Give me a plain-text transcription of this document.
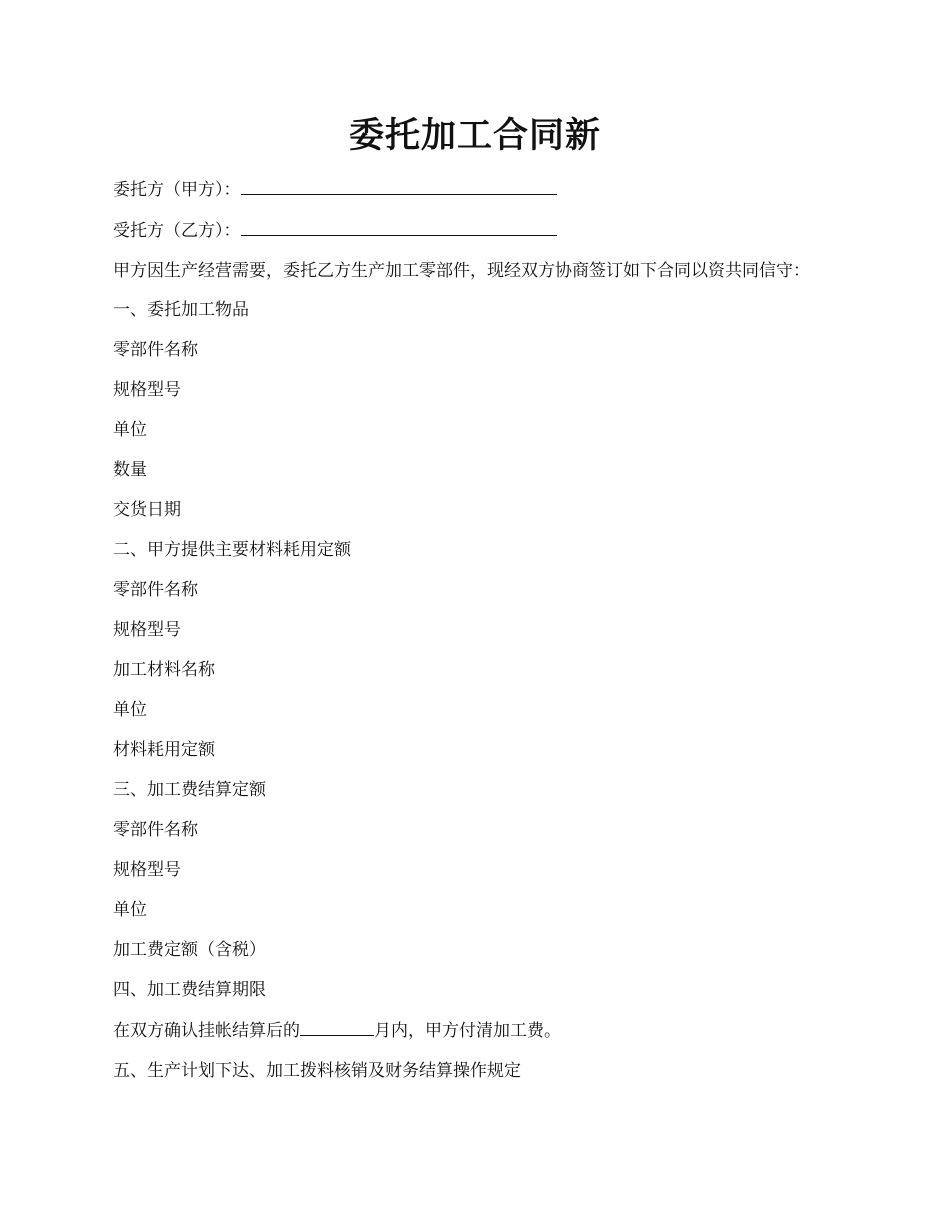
委托加工合同新

委托方（甲方）：

受托方（乙方）：

甲方因生产经营需要，委托乙方生产加工零部件，现经双方协商签订如下合同以资共同信守：

一、委托加工物品

零部件名称

规格型号

单位

数量

交货日期

二、甲方提供主要材料耗用定额

零部件名称

规格型号

加工材料名称

单位

材料耗用定额

三、加工费结算定额

零部件名称

规格型号

单位

加工费定额（含税）

四、加工费结算期限

在双方确认挂帐结算后的	月内，甲方付清加工费。

五、生产计划下达、加工拨料核销及财务结算操作规定
